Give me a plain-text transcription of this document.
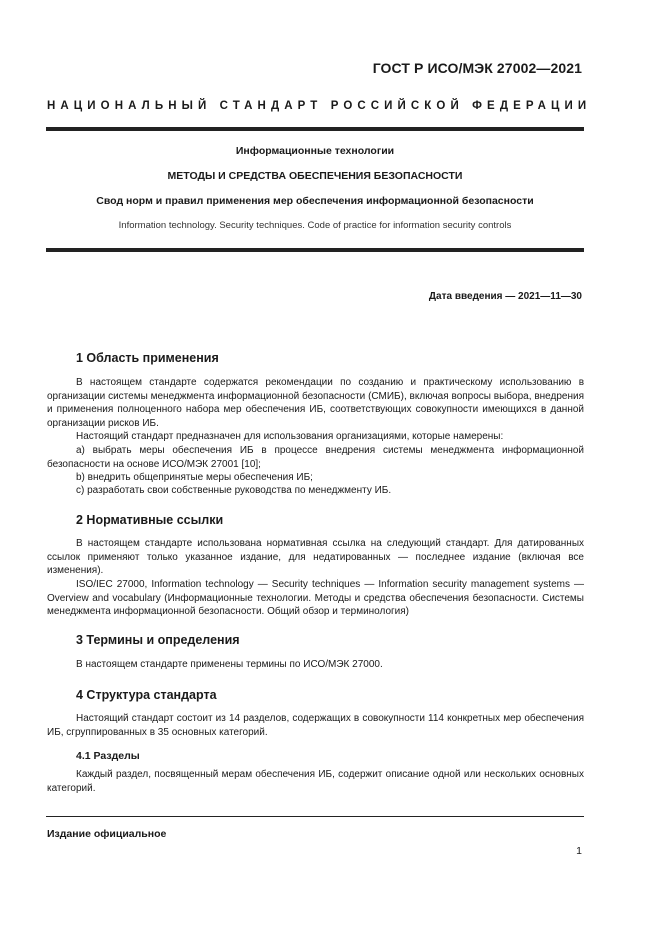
ГОСТ Р ИСО/МЭК 27002—2021
НАЦИОНАЛЬНЫЙ СТАНДАРТ РОССИЙСКОЙ ФЕДЕРАЦИИ
Информационные технологии
МЕТОДЫ И СРЕДСТВА ОБЕСПЕЧЕНИЯ БЕЗОПАСНОСТИ
Свод норм и правил применения мер обеспечения информационной безопасности
Information technology. Security techniques. Code of practice for information security controls
Дата введения — 2021—11—30
1 Область применения

В настоящем стандарте содержатся рекомендации по созданию и практическому использованию в организации системы менеджмента информационной безопасности (СМИБ), включая вопросы выбора, внедрения и применения полноценного набора мер обеспечения ИБ, соответствующих совокупности имеющихся в данной организации рисков ИБ.

Настоящий стандарт предназначен для использования организациями, которые намерены:

a) выбрать меры обеспечения ИБ в процессе внедрения системы менеджмента информационной безопасности на основе ИСО/МЭК 27001 [10];

b) внедрить общепринятые меры обеспечения ИБ;

c) разработать свои собственные руководства по менеджменту ИБ.

2 Нормативные ссылки

В настоящем стандарте использована нормативная ссылка на следующий стандарт. Для датированных ссылок применяют только указанное издание, для недатированных — последнее издание (включая все изменения).

ISO/IEC 27000, Information technology — Security techniques — Information security management systems — Overview and vocabulary (Информационные технологии. Методы и средства обеспечения безопасности. Системы менеджмента информационной безопасности. Общий обзор и терминология)

3 Термины и определения

В настоящем стандарте применены термины по ИСО/МЭК 27000.

4 Структура стандарта

Настоящий стандарт состоит из 14 разделов, содержащих в совокупности 114 конкретных мер обеспечения ИБ, сгруппированных в 35 основных категорий.

4.1 Разделы

Каждый раздел, посвященный мерам обеспечения ИБ, содержит описание одной или нескольких основных категорий.

Издание официальное
1
